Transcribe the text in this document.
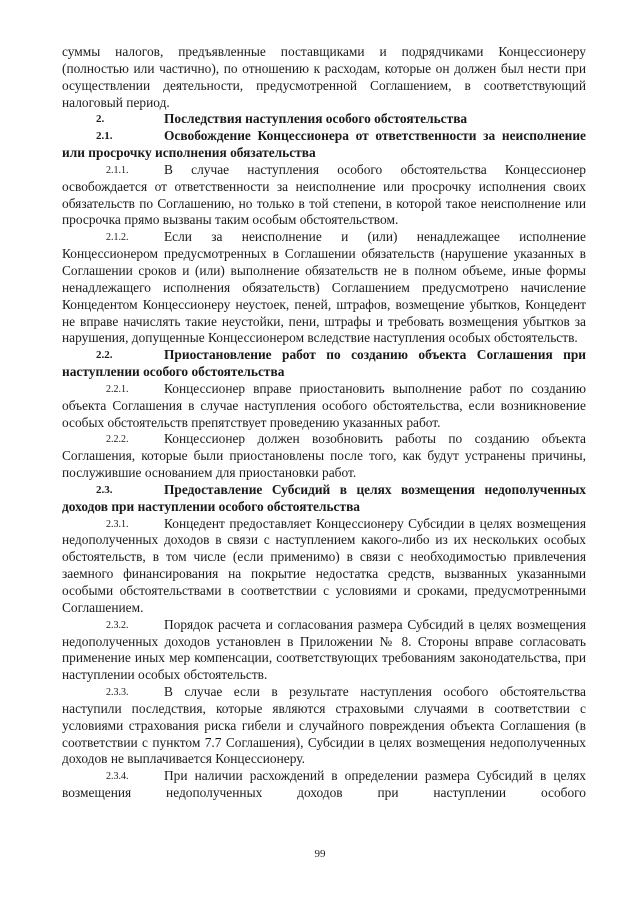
суммы налогов, предъявленные поставщиками и подрядчиками Концессионеру (полностью или частично), по отношению к расходам, которые он должен был нести при осуществлении деятельности, предусмотренной Соглашением, в соответствующий налоговый период.

2.	Последствия наступления особого обстоятельства
2.1.	Освобождение Концессионера от ответственности за неисполнение или просрочку исполнения обязательства
2.1.1.	В случае наступления особого обстоятельства Концессионер освобождается от ответственности за неисполнение или просрочку исполнения своих обязательств по Соглашению, но только в той степени, в которой такое неисполнение или просрочка прямо вызваны таким особым обстоятельством.
2.1.2.	Если за неисполнение и (или) ненадлежащее исполнение Концессионером предусмотренных в Соглашении обязательств (нарушение указанных в Соглашении сроков и (или) выполнение обязательств не в полном объеме, иные формы ненадлежащего исполнения обязательств) Соглашением предусмотрено начисление Концедентом Концессионеру неустоек, пеней, штрафов, возмещение убытков, Концедент не вправе начислять такие неустойки, пени, штрафы и требовать возмещения убытков за нарушения, допущенные Концессионером вследствие наступления особых обстоятельств.
2.2.	Приостановление работ по созданию объекта Соглашения при наступлении особого обстоятельства
2.2.1.	Концессионер вправе приостановить выполнение работ по созданию объекта Соглашения в случае наступления особого обстоятельства, если возникновение особых обстоятельств препятствует проведению указанных работ.
2.2.2.	Концессионер должен возобновить работы по созданию объекта Соглашения, которые были приостановлены после того, как будут устранены причины, послужившие основанием для приостановки работ.
2.3.	Предоставление Субсидий в целях возмещения недополученных доходов при наступлении особого обстоятельства
2.3.1.	Концедент предоставляет Концессионеру Субсидии в целях возмещения недополученных доходов в связи с наступлением какого-либо из их нескольких особых обстоятельств, в том числе (если применимо) в связи с необходимостью привлечения заемного финансирования на покрытие недостатка средств, вызванных указанными особыми обстоятельствами в соответствии с условиями и сроками, предусмотренными Соглашением.
2.3.2.	Порядок расчета и согласования размера Субсидий в целях возмещения недополученных доходов установлен в Приложении № 8. Стороны вправе согласовать применение иных мер компенсации, соответствующих требованиям законодательства, при наступлении особых обстоятельств.
2.3.3.	В случае если в результате наступления особого обстоятельства наступили последствия, которые являются страховыми случаями в соответствии с условиями страхования риска гибели и случайного повреждения объекта Соглашения (в соответствии с пунктом 7.7 Соглашения), Субсидии в целях возмещения недополученных доходов не выплачивается Концессионеру.
2.3.4.	При наличии расхождений в определении размера Субсидий в целях возмещения недополученных доходов при наступлении особого
99
